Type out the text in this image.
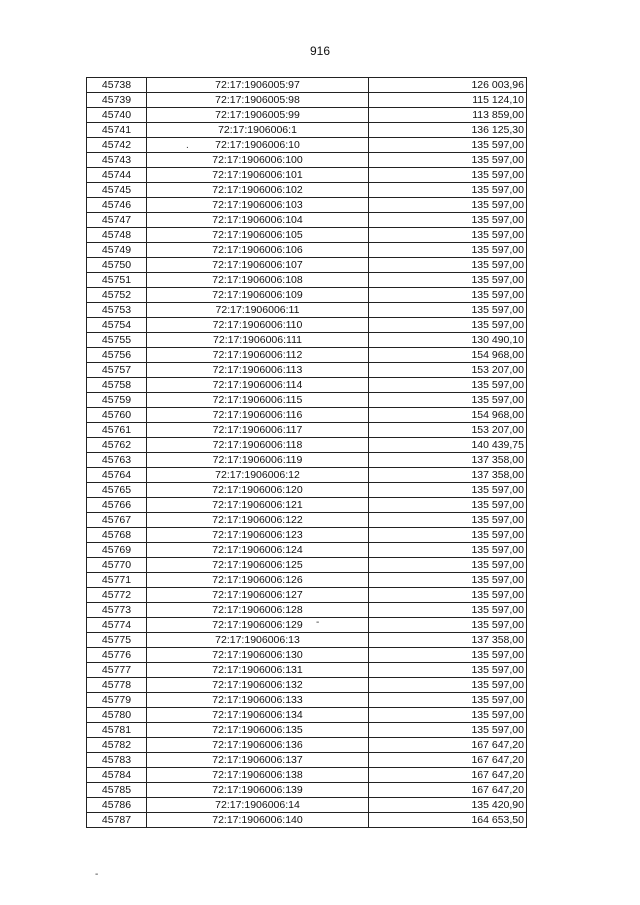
916
45738	72:17:1906005:97	126 003,96
45739	72:17:1906005:98	115 124,10
45740	72:17:1906005:99	113 859,00
45741	72:17:1906006:1	136 125,30
45742	72:17:1906006:10	135 597,00
45743	72:17:1906006:100	135 597,00
45744	72:17:1906006:101	135 597,00
45745	72:17:1906006:102	135 597,00
45746	72:17:1906006:103	135 597,00
45747	72:17:1906006:104	135 597,00
45748	72:17:1906006:105	135 597,00
45749	72:17:1906006:106	135 597,00
45750	72:17:1906006:107	135 597,00
45751	72:17:1906006:108	135 597,00
45752	72:17:1906006:109	135 597,00
45753	72:17:1906006:11	135 597,00
45754	72:17:1906006:110	135 597,00
45755	72:17:1906006:111	130 490,10
45756	72:17:1906006:112	154 968,00
45757	72:17:1906006:113	153 207,00
45758	72:17:1906006:114	135 597,00
45759	72:17:1906006:115	135 597,00
45760	72:17:1906006:116	154 968,00
45761	72:17:1906006:117	153 207,00
45762	72:17:1906006:118	140 439,75
45763	72:17:1906006:119	137 358,00
45764	72:17:1906006:12	137 358,00
45765	72:17:1906006:120	135 597,00
45766	72:17:1906006:121	135 597,00
45767	72:17:1906006:122	135 597,00
45768	72:17:1906006:123	135 597,00
45769	72:17:1906006:124	135 597,00
45770	72:17:1906006:125	135 597,00
45771	72:17:1906006:126	135 597,00
45772	72:17:1906006:127	135 597,00
45773	72:17:1906006:128	135 597,00
45774	72:17:1906006:129	135 597,00
45775	72:17:1906006:13	137 358,00
45776	72:17:1906006:130	135 597,00
45777	72:17:1906006:131	135 597,00
45778	72:17:1906006:132	135 597,00
45779	72:17:1906006:133	135 597,00
45780	72:17:1906006:134	135 597,00
45781	72:17:1906006:135	135 597,00
45782	72:17:1906006:136	167 647,20
45783	72:17:1906006:137	167 647,20
45784	72:17:1906006:138	167 647,20
45785	72:17:1906006:139	167 647,20
45786	72:17:1906006:14	135 420,90
45787	72:17:1906006:140	164 653,50
.
-
-
